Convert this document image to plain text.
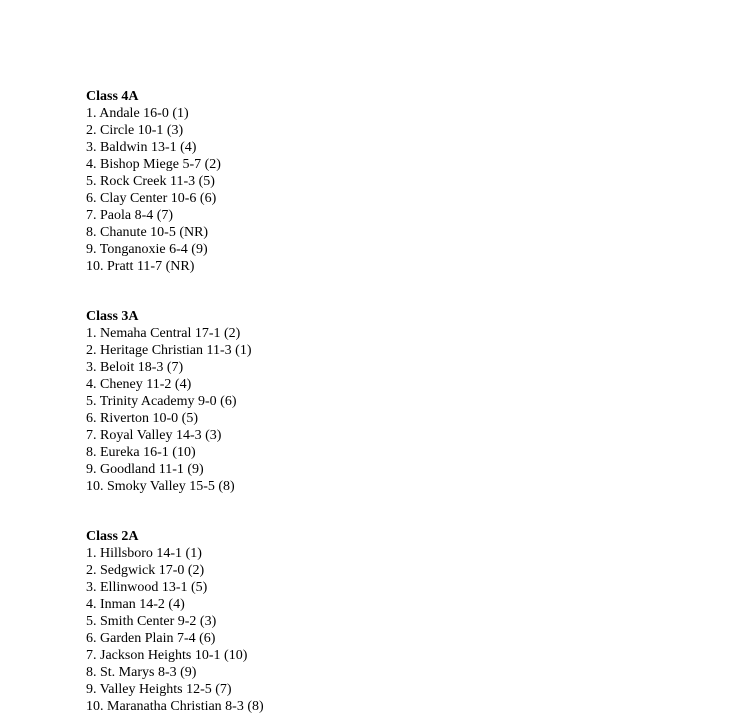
Class 4A
1. Andale 16-0 (1)
2. Circle 10-1 (3)
3. Baldwin 13-1 (4)
4. Bishop Miege 5-7 (2)
5. Rock Creek 11-3 (5)
6. Clay Center 10-6 (6)
7. Paola 8-4 (7)
8. Chanute 10-5 (NR)
9. Tonganoxie 6-4 (9)
10. Pratt 11-7 (NR)
Class 3A
1. Nemaha Central 17-1 (2)
2. Heritage Christian 11-3 (1)
3. Beloit 18-3 (7)
4. Cheney 11-2 (4)
5. Trinity Academy 9-0 (6)
6. Riverton 10-0 (5)
7. Royal Valley 14-3 (3)
8. Eureka 16-1 (10)
9. Goodland 11-1 (9)
10. Smoky Valley 15-5 (8)
Class 2A
1. Hillsboro 14-1 (1)
2. Sedgwick 17-0 (2)
3. Ellinwood 13-1 (5)
4. Inman 14-2 (4)
5. Smith Center 9-2 (3)
6. Garden Plain 7-4 (6)
7. Jackson Heights 10-1 (10)
8. St. Marys 8-3 (9)
9. Valley Heights 12-5 (7)
10. Maranatha Christian 8-3 (8)
